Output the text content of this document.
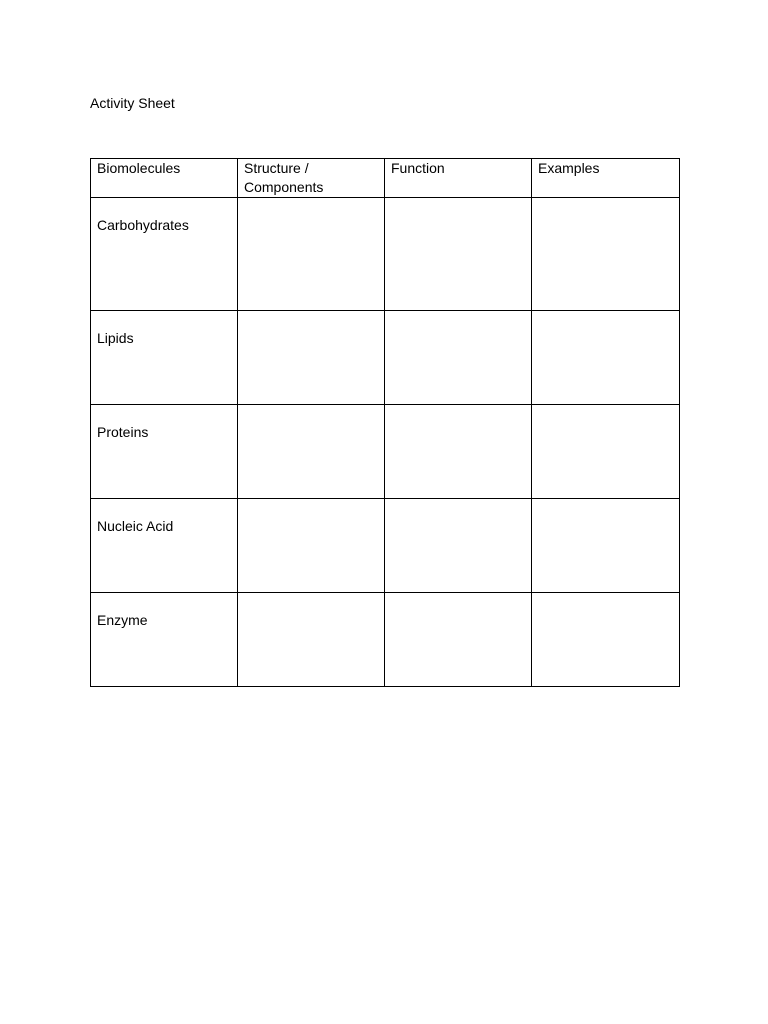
Activity Sheet
Biomolecules	Structure / Components	Function	Examples
Carbohydrates			
Lipids			
Proteins			
Nucleic Acid			
Enzyme			
